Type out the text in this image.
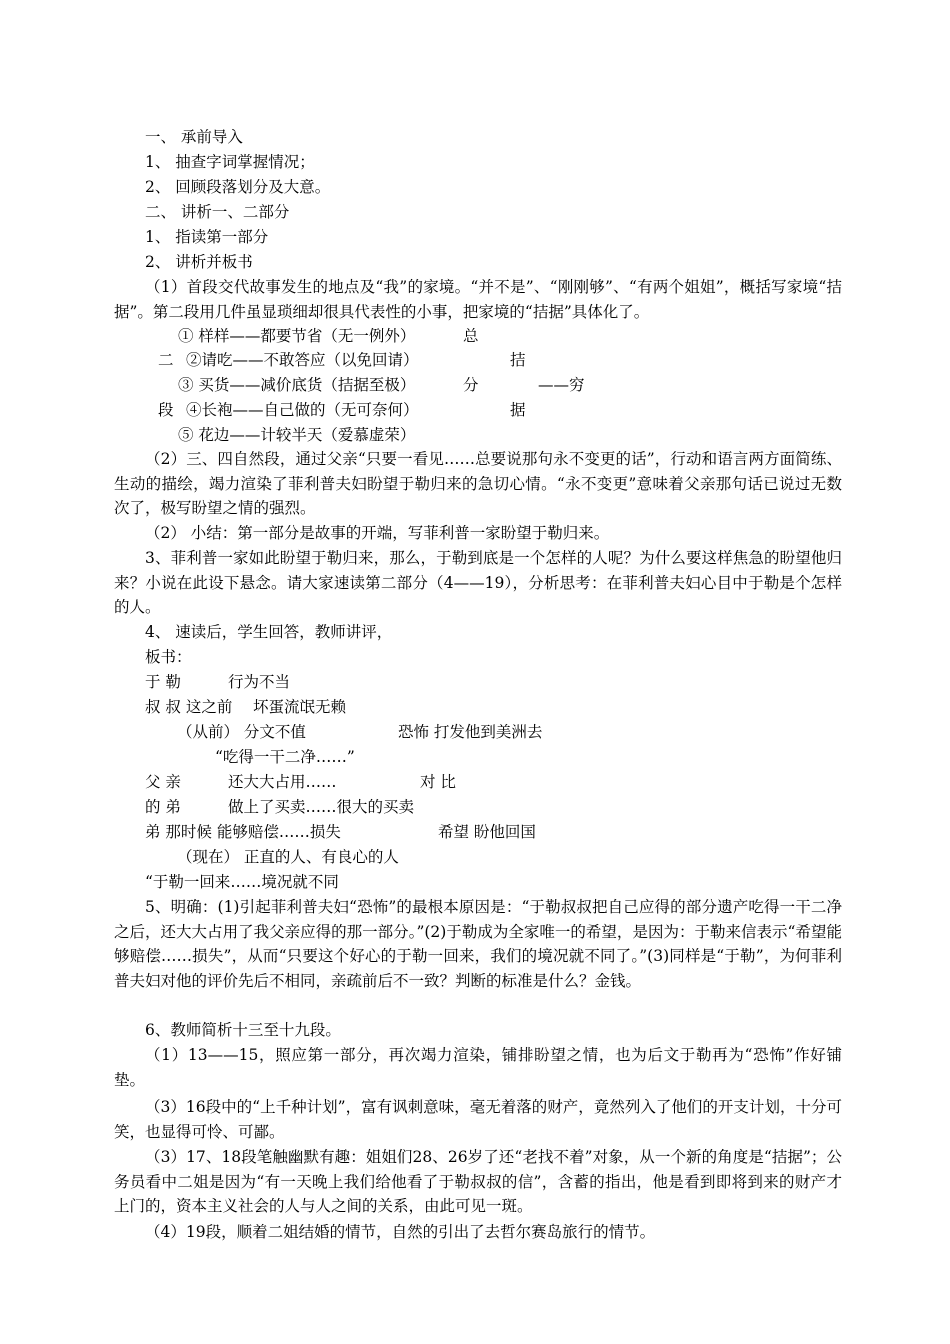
一、 承前导入
1、 抽查字词掌握情况；
2、 回顾段落划分及大意。
二、 讲析一、二部分
1、 指读第一部分
2、 讲析并板书
（1）首段交代故事发生的地点及“我”的家境。“并不是”、“刚刚够”、“有两个姐姐”，概括写家境“拮据”。第二段用几件虽显琐细却很具代表性的小事，把家境的“拮据”具体化了。
① 样样——都要节省（无一例外）	总
二 ②请吃——不敢答应（以免回请）	拮
③ 买货——减价底货（拮据至极）	分	——穷
段 ④长袍——自己做的（无可奈何）	据
⑤ 花边——计较半天（爱慕虚荣）
（2）三、四自然段，通过父亲“只要一看见……总要说那句永不变更的话”，行动和语言两方面简练、生动的描绘，竭力渲染了菲利普夫妇盼望于勒归来的急切心情。“永不变更”意味着父亲那句话已说过无数次了，极写盼望之情的强烈。
（2） 小结：第一部分是故事的开端，写菲利普一家盼望于勒归来。
3、菲利普一家如此盼望于勒归来，那么，于勒到底是一个怎样的人呢？为什么要这样焦急的盼望他归来？小说在此设下悬念。请大家速读第二部分（4——19），分析思考：在菲利普夫妇心目中于勒是个怎样的人。
4、 速读后，学生回答，教师讲评，
板书：
于 勒	行为不当
叔 叔 这之前 坏蛋流氓无赖
（从前） 分文不值	恐怖 打发他到美洲去
“吃得一干二净……”
父 亲	还大大占用……	对 比
的 弟	做上了买卖……很大的买卖
弟 那时候 能够赔偿……损失	希望 盼他回国
（现在） 正直的人、有良心的人
“于勒一回来……境况就不同
5、明确：(1)引起菲利普夫妇“恐怖”的最根本原因是：“于勒叔叔把自己应得的部分遗产吃得一干二净之后，还大大占用了我父亲应得的那一部分。”(2)于勒成为全家唯一的希望，是因为：于勒来信表示“希望能够赔偿……损失”，从而“只要这个好心的于勒一回来，我们的境况就不同了。”(3)同样是“于勒”，为何菲利普夫妇对他的评价先后不相同，亲疏前后不一致？判断的标准是什么？金钱。
6、教师简析十三至十九段。
（1）13——15，照应第一部分，再次竭力渲染，铺排盼望之情，也为后文于勒再为“恐怖”作好铺垫。
（3）16段中的“上千种计划”，富有讽刺意味，毫无着落的财产，竟然列入了他们的开支计划，十分可笑，也显得可怜、可鄙。
（3）17、18段笔触幽默有趣：姐姐们28、26岁了还“老找不着”对象，从一个新的角度是“拮据”；公务员看中二姐是因为“有一天晚上我们给他看了于勒叔叔的信”，含蓄的指出，他是看到即将到来的财产才上门的，资本主义社会的人与人之间的关系，由此可见一斑。
（4）19段，顺着二姐结婚的情节，自然的引出了去哲尔赛岛旅行的情节。
